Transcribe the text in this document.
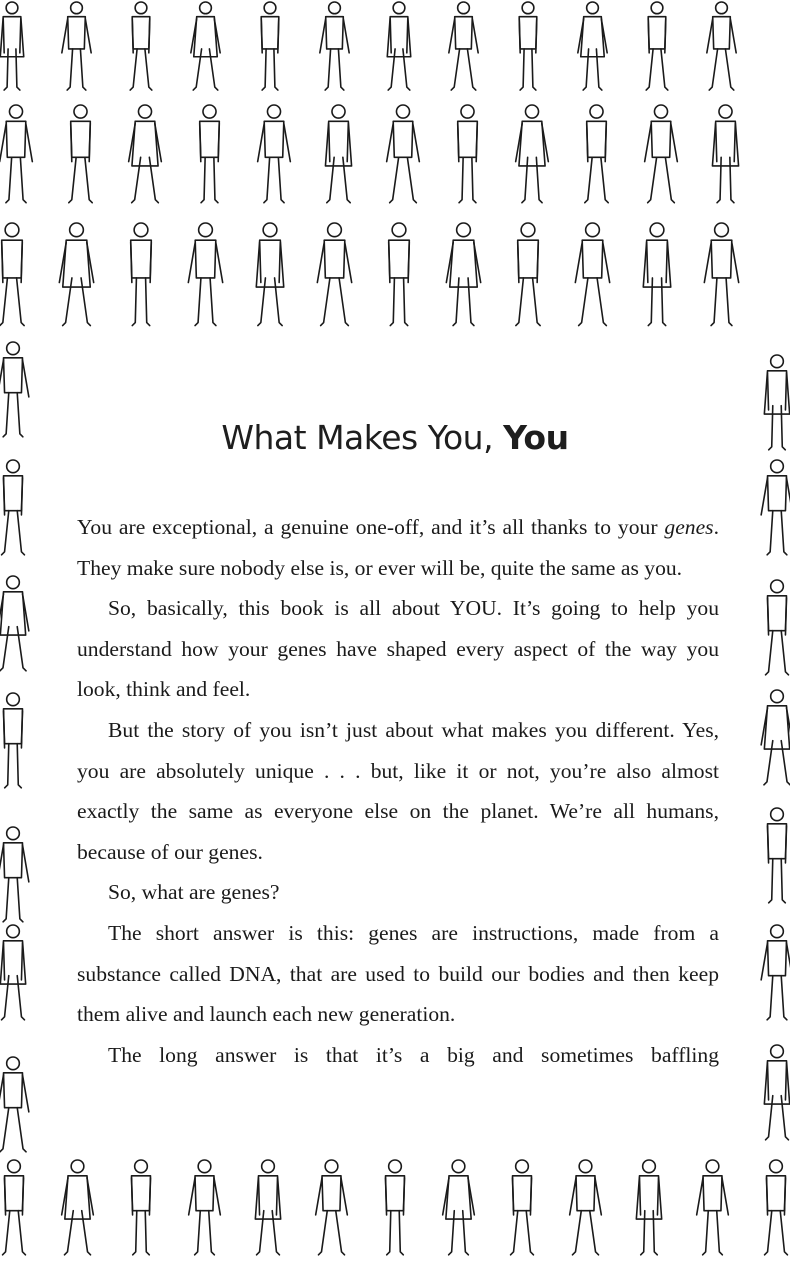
What Makes You, You

You are exceptional, a genuine one-off, and it’s all thanks to your genes. They make sure nobody else is, or ever will be, quite the same as you.

So, basically, this book is all about YOU. It’s going to help you understand how your genes have shaped every aspect of the way you look, think and feel.

But the story of you isn’t just about what makes you different. Yes, you are absolutely unique . . . but, like it or not, you’re also almost exactly the same as everyone else on the planet. We’re all humans, because of our genes.

So, what are genes?

The short answer is this: genes are instructions, made from a substance called DNA, that are used to build our bodies and then keep them alive and launch each new generation.

The long answer is that it’s a big and sometimes baffling
